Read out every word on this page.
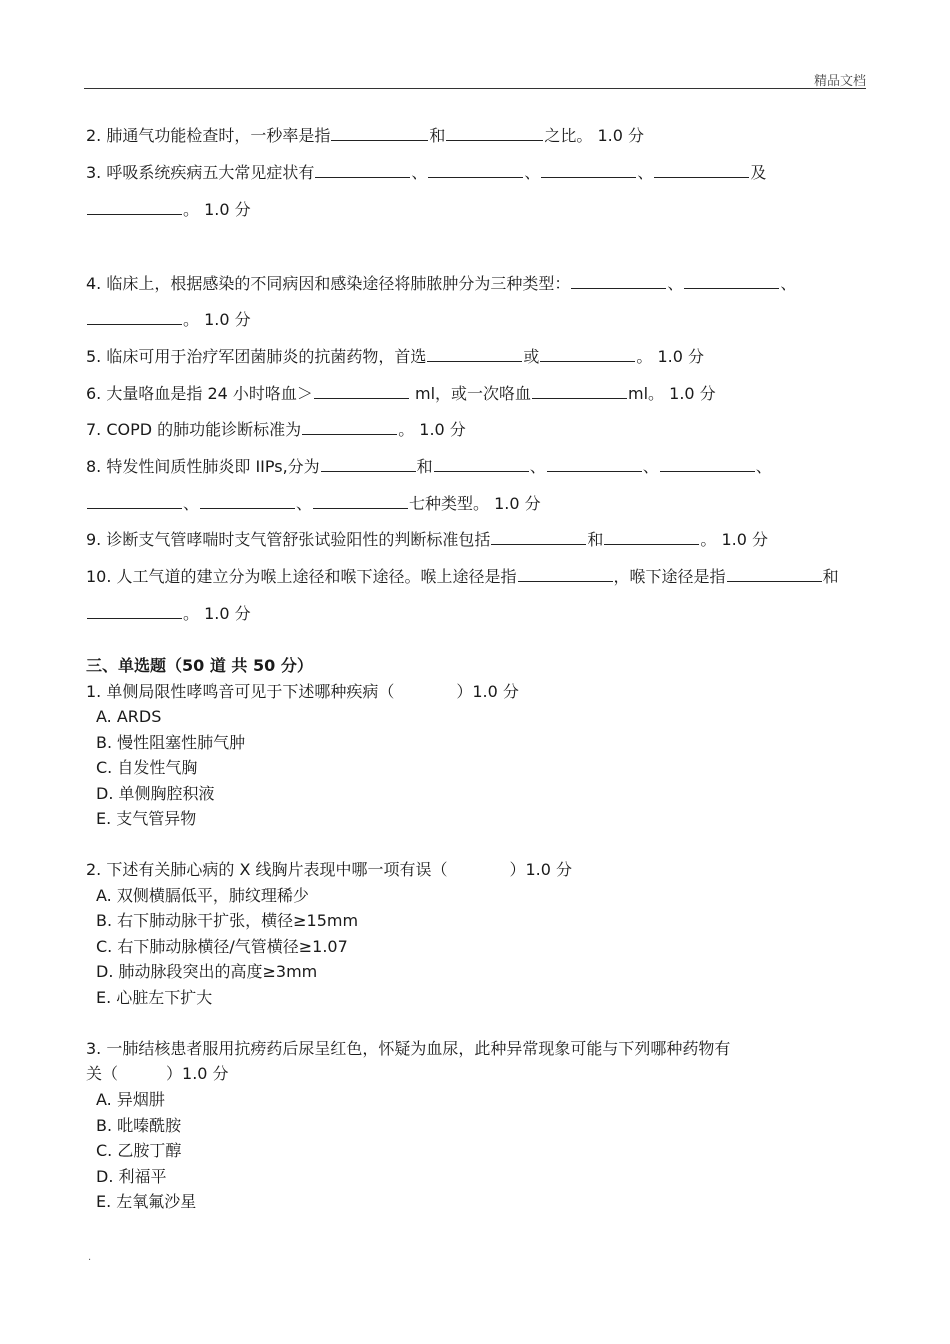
精品文档
2. 肺通气功能检查时，一秒率是指	和	之比。 1.0 分
3. 呼吸系统疾病五大常见症状有	、	、	、	及
。 1.0 分
4. 临床上，根据感染的不同病因和感染途径将肺脓肿分为三种类型：	、	、
。 1.0 分
5. 临床可用于治疗军团菌肺炎的抗菌药物，首选	或	。 1.0 分
6. 大量咯血是指 24 小时咯血＞	ml，或一次咯血	ml。 1.0 分
7. COPD 的肺功能诊断标准为	。 1.0 分
8. 特发性间质性肺炎即 IIPs,分为	和	、	、	、
、	、	七种类型。 1.0 分
9. 诊断支气管哮喘时支气管舒张试验阳性的判断标准包括	和	。 1.0 分
10. 人工气道的建立分为喉上途径和喉下途径。喉上途径是指	，喉下途径是指	和
。 1.0 分
三、单选题（50 道 共 50 分）
1. 单侧局限性哮鸣音可见于下述哪种疾病（	）1.0 分
A. ARDS
B. 慢性阻塞性肺气肿
C. 自发性气胸
D. 单侧胸腔积液
E. 支气管异物
2. 下述有关肺心病的 X 线胸片表现中哪一项有误（	）1.0 分
A. 双侧横膈低平，肺纹理稀少
B. 右下肺动脉干扩张，横径≥15mm
C. 右下肺动脉横径/气管横径≥1.07
D. 肺动脉段突出的高度≥3mm
E. 心脏左下扩大
3. 一肺结核患者服用抗痨药后尿呈红色，怀疑为血尿，此种异常现象可能与下列哪种药物有
关（	）1.0 分
A. 异烟肼
B. 吡嗪酰胺
C. 乙胺丁醇
D. 利福平
E. 左氧氟沙星
.
